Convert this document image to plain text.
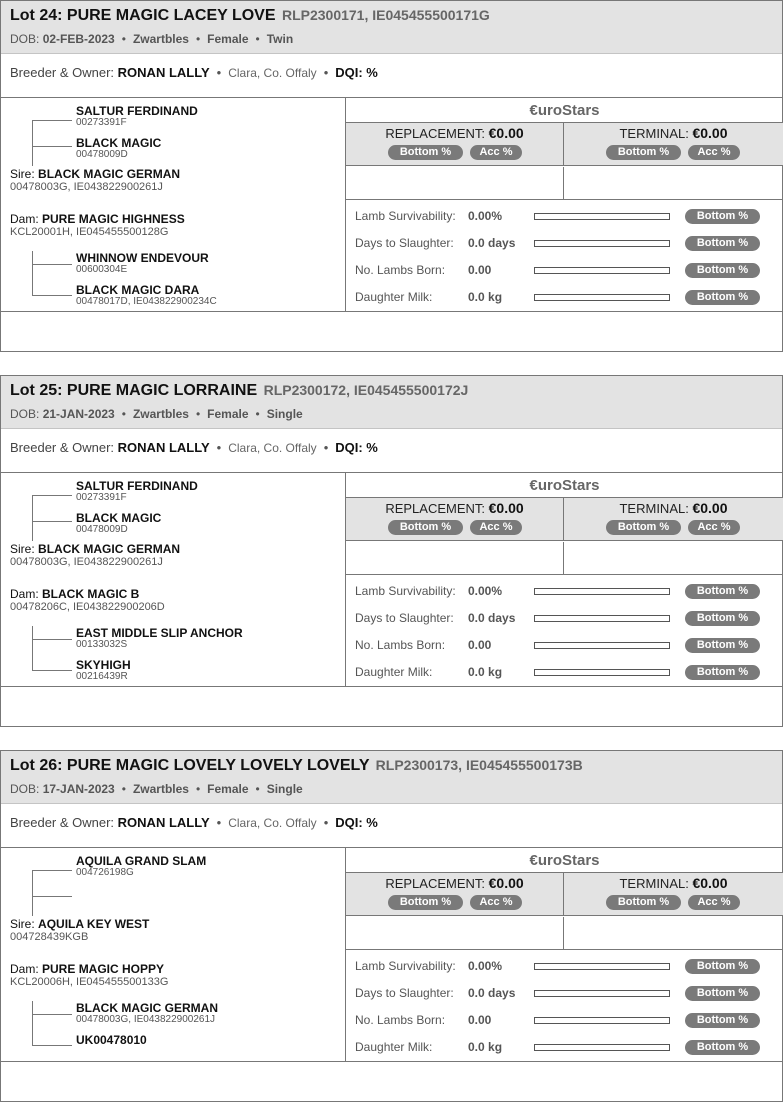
Lot 24: PURE MAGIC LACEY LOVE RLP2300171, IE045455500171G
DOB: 02-FEB-2023 • Zwartbles • Female • Twin
Breeder & Owner: RONAN LALLY • Clara, Co. Offaly • DQI: %
SALTUR FERDINAND
00273391F
BLACK MAGIC
00478009D
Sire: BLACK MAGIC GERMAN
00478003G, IE043822900261J
Dam: PURE MAGIC HIGHNESS
KCL20001H, IE045455500128G
WHINNOW ENDEVOUR
00600304E
BLACK MAGIC DARA
00478017D, IE043822900234C
€uroStars
REPLACEMENT: €0.00
Bottom %	Acc %
TERMINAL: €0.00
Bottom %	Acc %
Lamb Survivability: 0.00%	Bottom %
Days to Slaughter: 0.0 days	Bottom %
No. Lambs Born: 0.00	Bottom %
Daughter Milk:	0.0 kg	Bottom %
Lot 25: PURE MAGIC LORRAINE RLP2300172, IE045455500172J
DOB: 21-JAN-2023 • Zwartbles • Female • Single
Breeder & Owner: RONAN LALLY • Clara, Co. Offaly • DQI: %
SALTUR FERDINAND
00273391F
BLACK MAGIC
00478009D
Sire: BLACK MAGIC GERMAN
00478003G, IE043822900261J
Dam: BLACK MAGIC B
00478206C, IE043822900206D
EAST MIDDLE SLIP ANCHOR
00133032S
SKYHIGH
00216439R
€uroStars
REPLACEMENT: €0.00
Bottom %	Acc %
TERMINAL: €0.00
Bottom %	Acc %
Lamb Survivability: 0.00%	Bottom %
Days to Slaughter: 0.0 days	Bottom %
No. Lambs Born: 0.00	Bottom %
Daughter Milk:	0.0 kg	Bottom %
Lot 26: PURE MAGIC LOVELY LOVELY LOVELY RLP2300173, IE045455500173B
DOB: 17-JAN-2023 • Zwartbles • Female • Single
Breeder & Owner: RONAN LALLY • Clara, Co. Offaly • DQI: %
AQUILA GRAND SLAM
004726198G
Sire: AQUILA KEY WEST
004728439KGB
Dam: PURE MAGIC HOPPY
KCL20006H, IE045455500133G
BLACK MAGIC GERMAN
00478003G, IE043822900261J
UK00478010
€uroStars
REPLACEMENT: €0.00
Bottom %	Acc %
TERMINAL: €0.00
Bottom %	Acc %
Lamb Survivability: 0.00%	Bottom %
Days to Slaughter: 0.0 days	Bottom %
No. Lambs Born: 0.00	Bottom %
Daughter Milk:	0.0 kg	Bottom %
